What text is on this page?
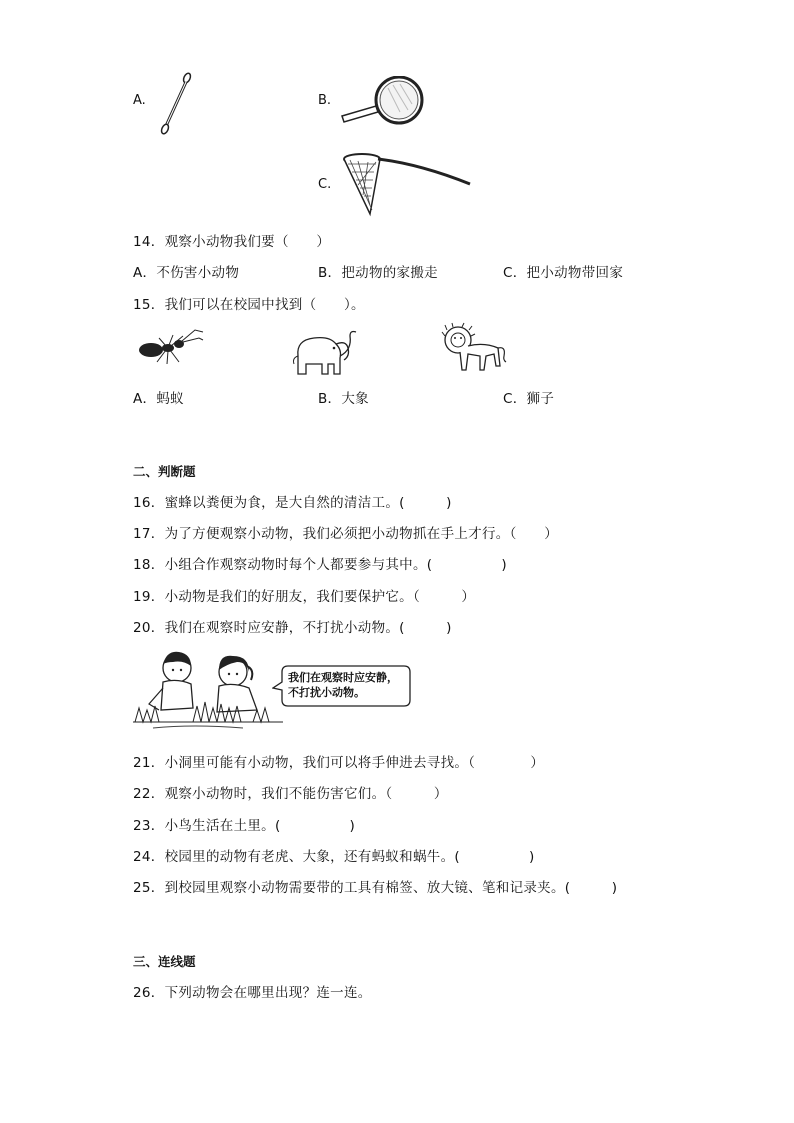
A.	B.
C.
14．观察小动物我们要（　　）
A．不伤害小动物	B．把动物的家搬走	C．把小动物带回家
15．我们可以在校园中找到（　　）。
A．蚂蚁	B．大象	C．狮子
二、判断题
16．蜜蜂以粪便为食，是大自然的清洁工。(　　　)
17．为了方便观察小动物，我们必须把小动物抓在手上才行。（　　）
18．小组合作观察动物时每个人都要参与其中。(　　　　　)
19．小动物是我们的好朋友，我们要保护它。（　　　）
20．我们在观察时应安静，不打扰小动物。(　　　)
我们在观察时应安静，
不打扰小动物。
21．小洞里可能有小动物，我们可以将手伸进去寻找。（　　　　）
22．观察小动物时，我们不能伤害它们。（　　　）
23．小鸟生活在土里。(　　　　　)
24．校园里的动物有老虎、大象，还有蚂蚁和蜗牛。(　　　　　)
25．到校园里观察小动物需要带的工具有棉签、放大镜、笔和记录夹。(　　　)
三、连线题
26．下列动物会在哪里出现？连一连。
